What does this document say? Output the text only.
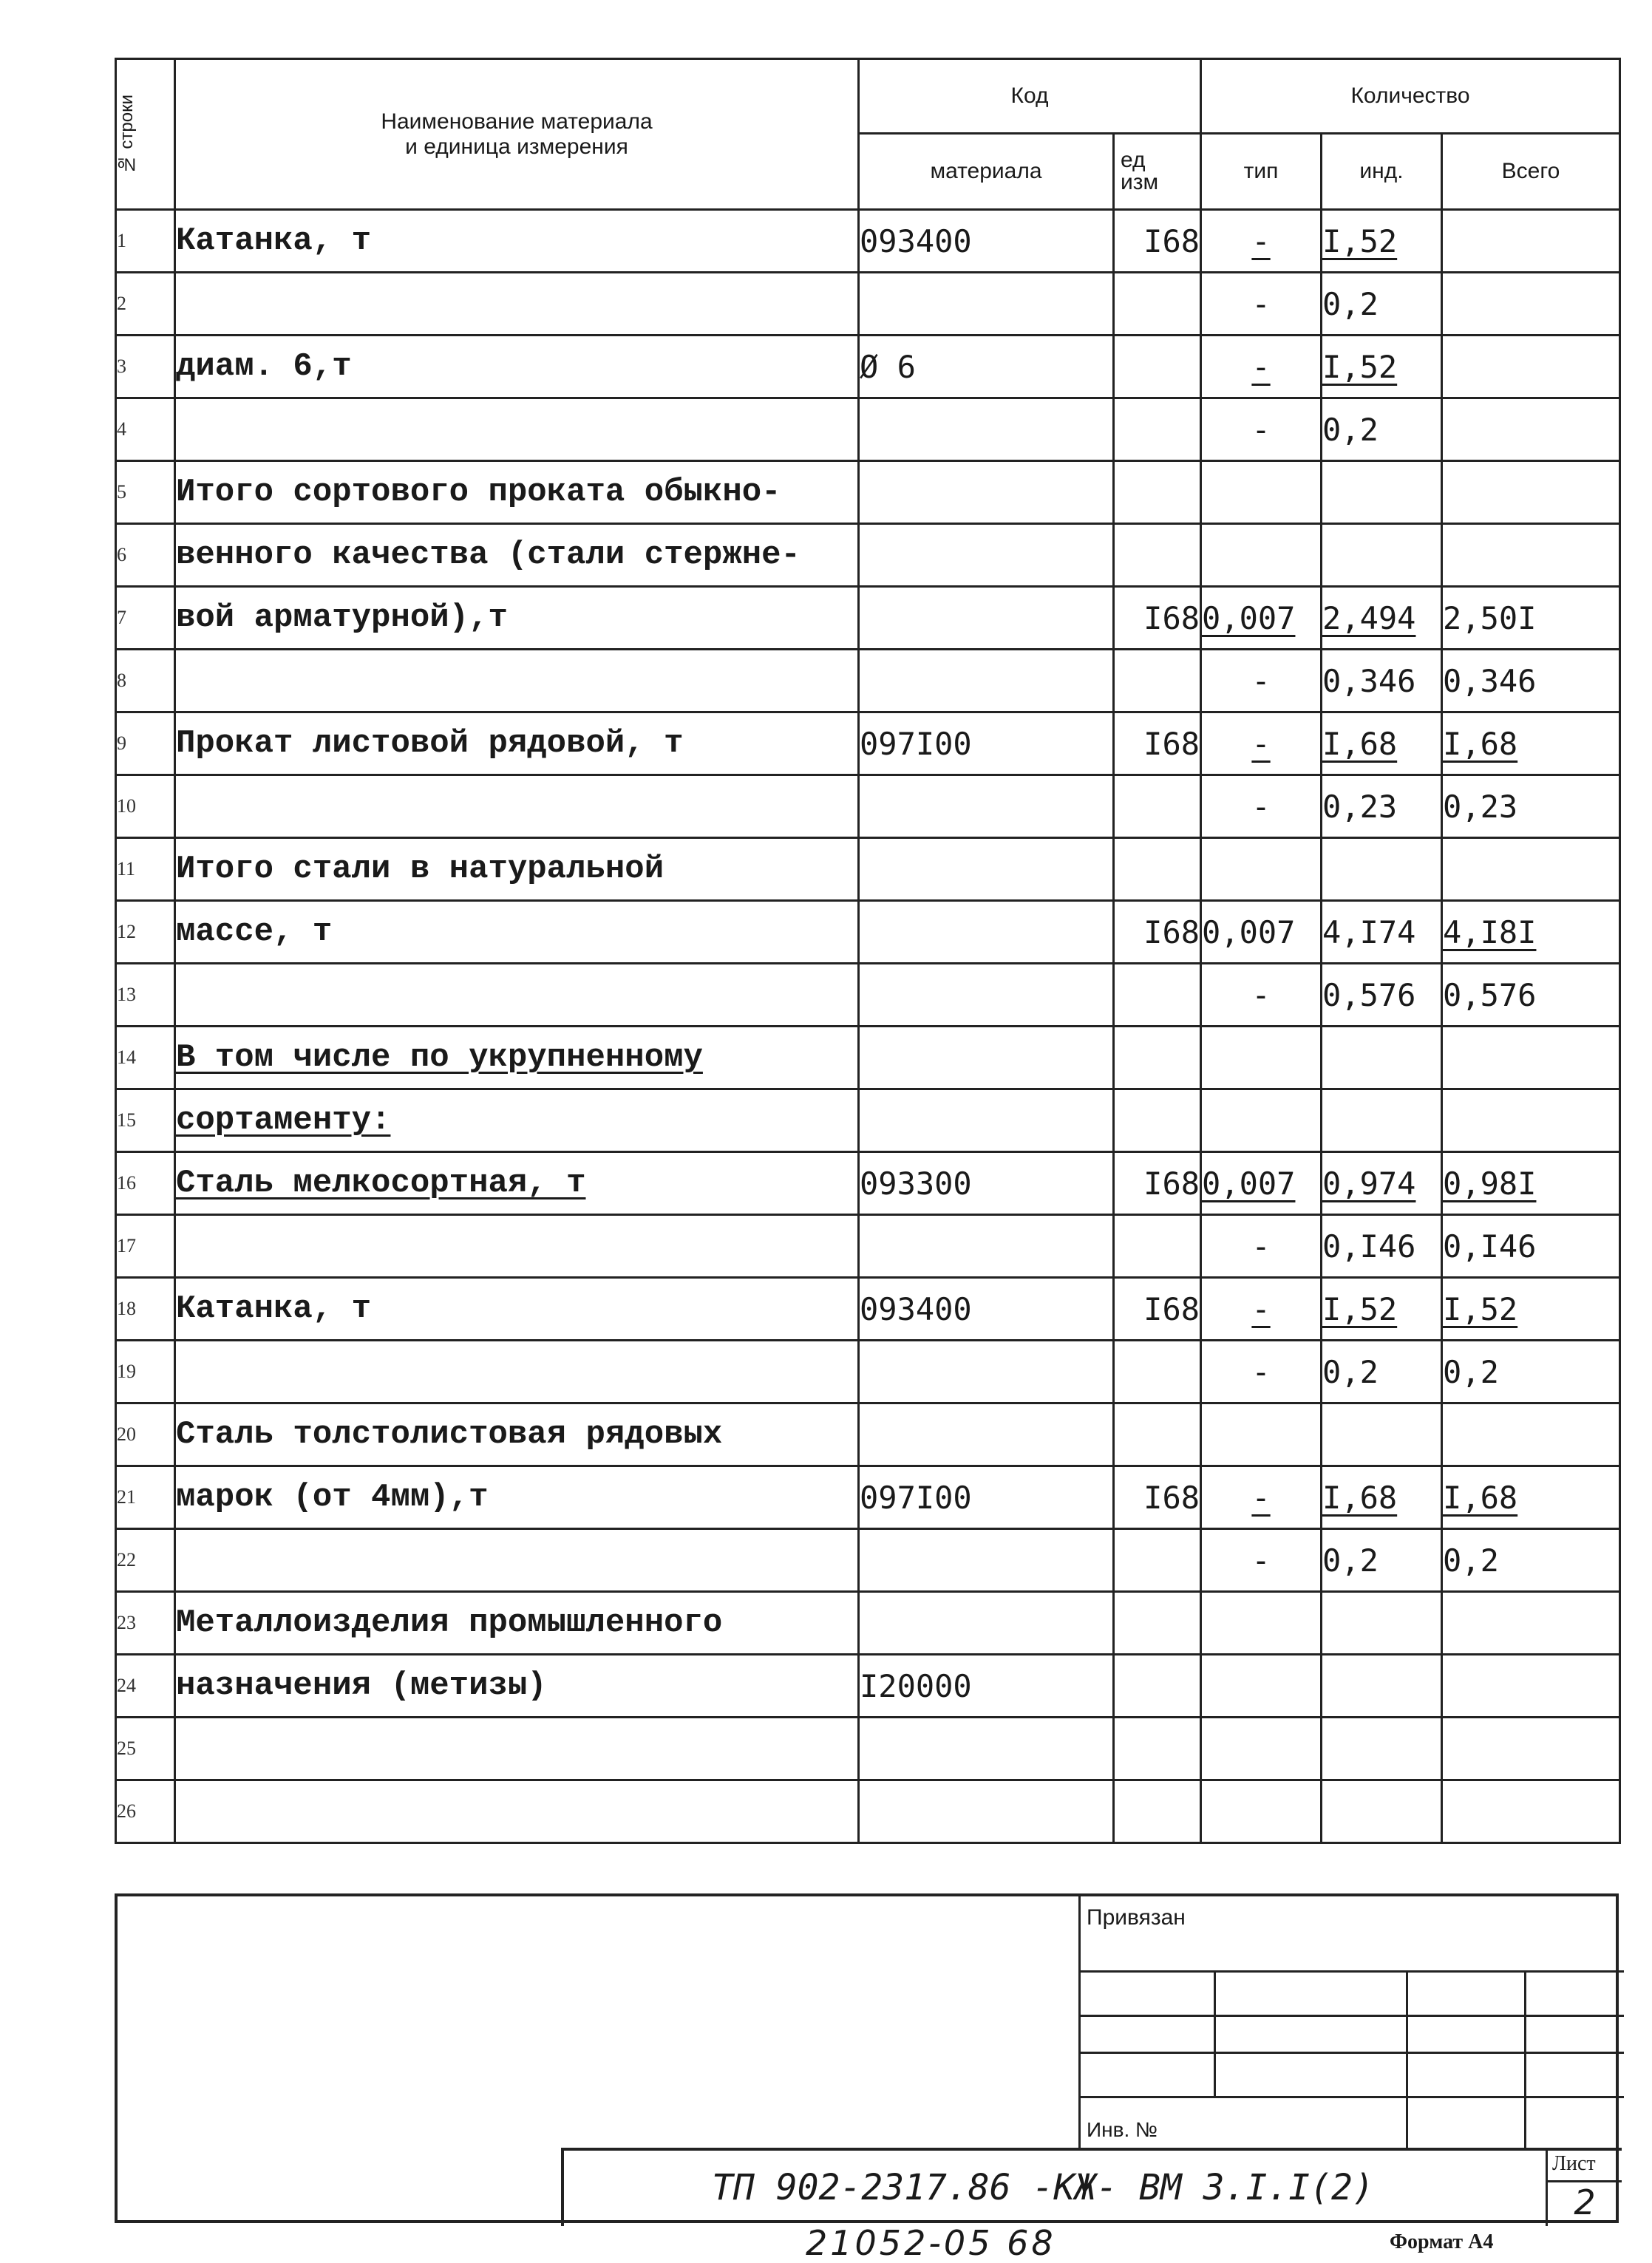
№ строки	Наименование материала
и единица измерения	Код		Количество		
		материала	ед
изм	тип	инд.	Всего
1	Катанка, т	093400	I68	-	I,52	
2				-	0,2	
3	диам. 6,т	Ø 6		-	I,52	
4				-	0,2	
5	Итого сортового проката обыкно-					
6	венного качества (стали стержне-					
7	вой арматурной),т		I68	0,007	2,494	2,50I
8				-	0,346	0,346
9	Прокат листовой рядовой, т	097I00	I68	-	I,68	I,68
10				-	0,23	0,23
11	Итого стали в натуральной					
12	массе, т		I68	0,007	4,I74	4,I8I
13				-	0,576	0,576
14	В том числе по укрупненному					
15	сортаменту:					
16	Сталь мелкосортная, т	093300	I68	0,007	0,974	0,98I
17				-	0,I46	0,I46
18	Катанка, т	093400	I68	-	I,52	I,52
19				-	0,2	0,2
20	Сталь толстолистовая рядовых					
21	марок (от 4мм),т	097I00	I68	-	I,68	I,68
22				-	0,2	0,2
23	Металлоизделия промышленного					
24	назначения (метизы)	I20000				
25						
26						
Привязан
Инв. №
ТП 902-2317.86 -КЖ- ВМ 3.I.I(2)
Лист
2
21052-05 68	Формат А4
